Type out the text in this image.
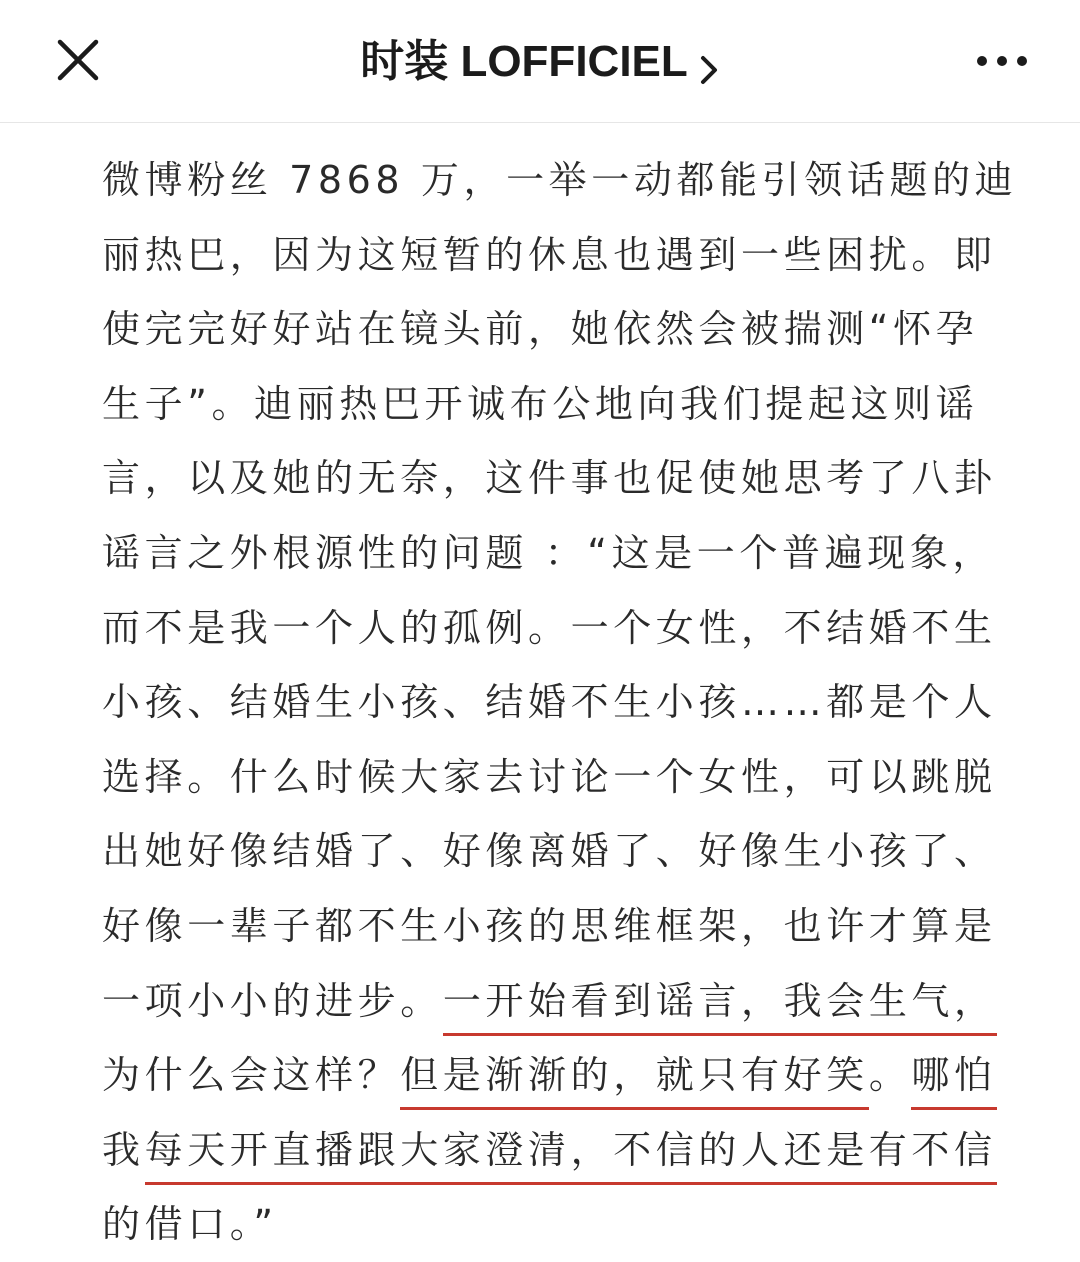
时装 LOFFICIEL
微博粉丝 7868 万，一举一动都能引领话题的迪
丽热巴，因为这短暂的休息也遇到一些困扰。即
使完完好好站在镜头前，她依然会被揣测“怀孕
生子”。迪丽热巴开诚布公地向我们提起这则谣
言，以及她的无奈，这件事也促使她思考了八卦
谣言之外根源性的问题 ：“这是一个普遍现象，
而不是我一个人的孤例。一个女性，不结婚不生
小孩、结婚生小孩、结婚不生小孩……都是个人
选择。什么时候大家去讨论一个女性，可以跳脱
出她好像结婚了、好像离婚了、好像生小孩了、
好像一辈子都不生小孩的思维框架，也许才算是
一项小小的进步。一开始看到谣言，我会生气，
为什么会这样？但是渐渐的，就只有好笑。哪怕
我每天开直播跟大家澄清，不信的人还是有不信
的借口。”
